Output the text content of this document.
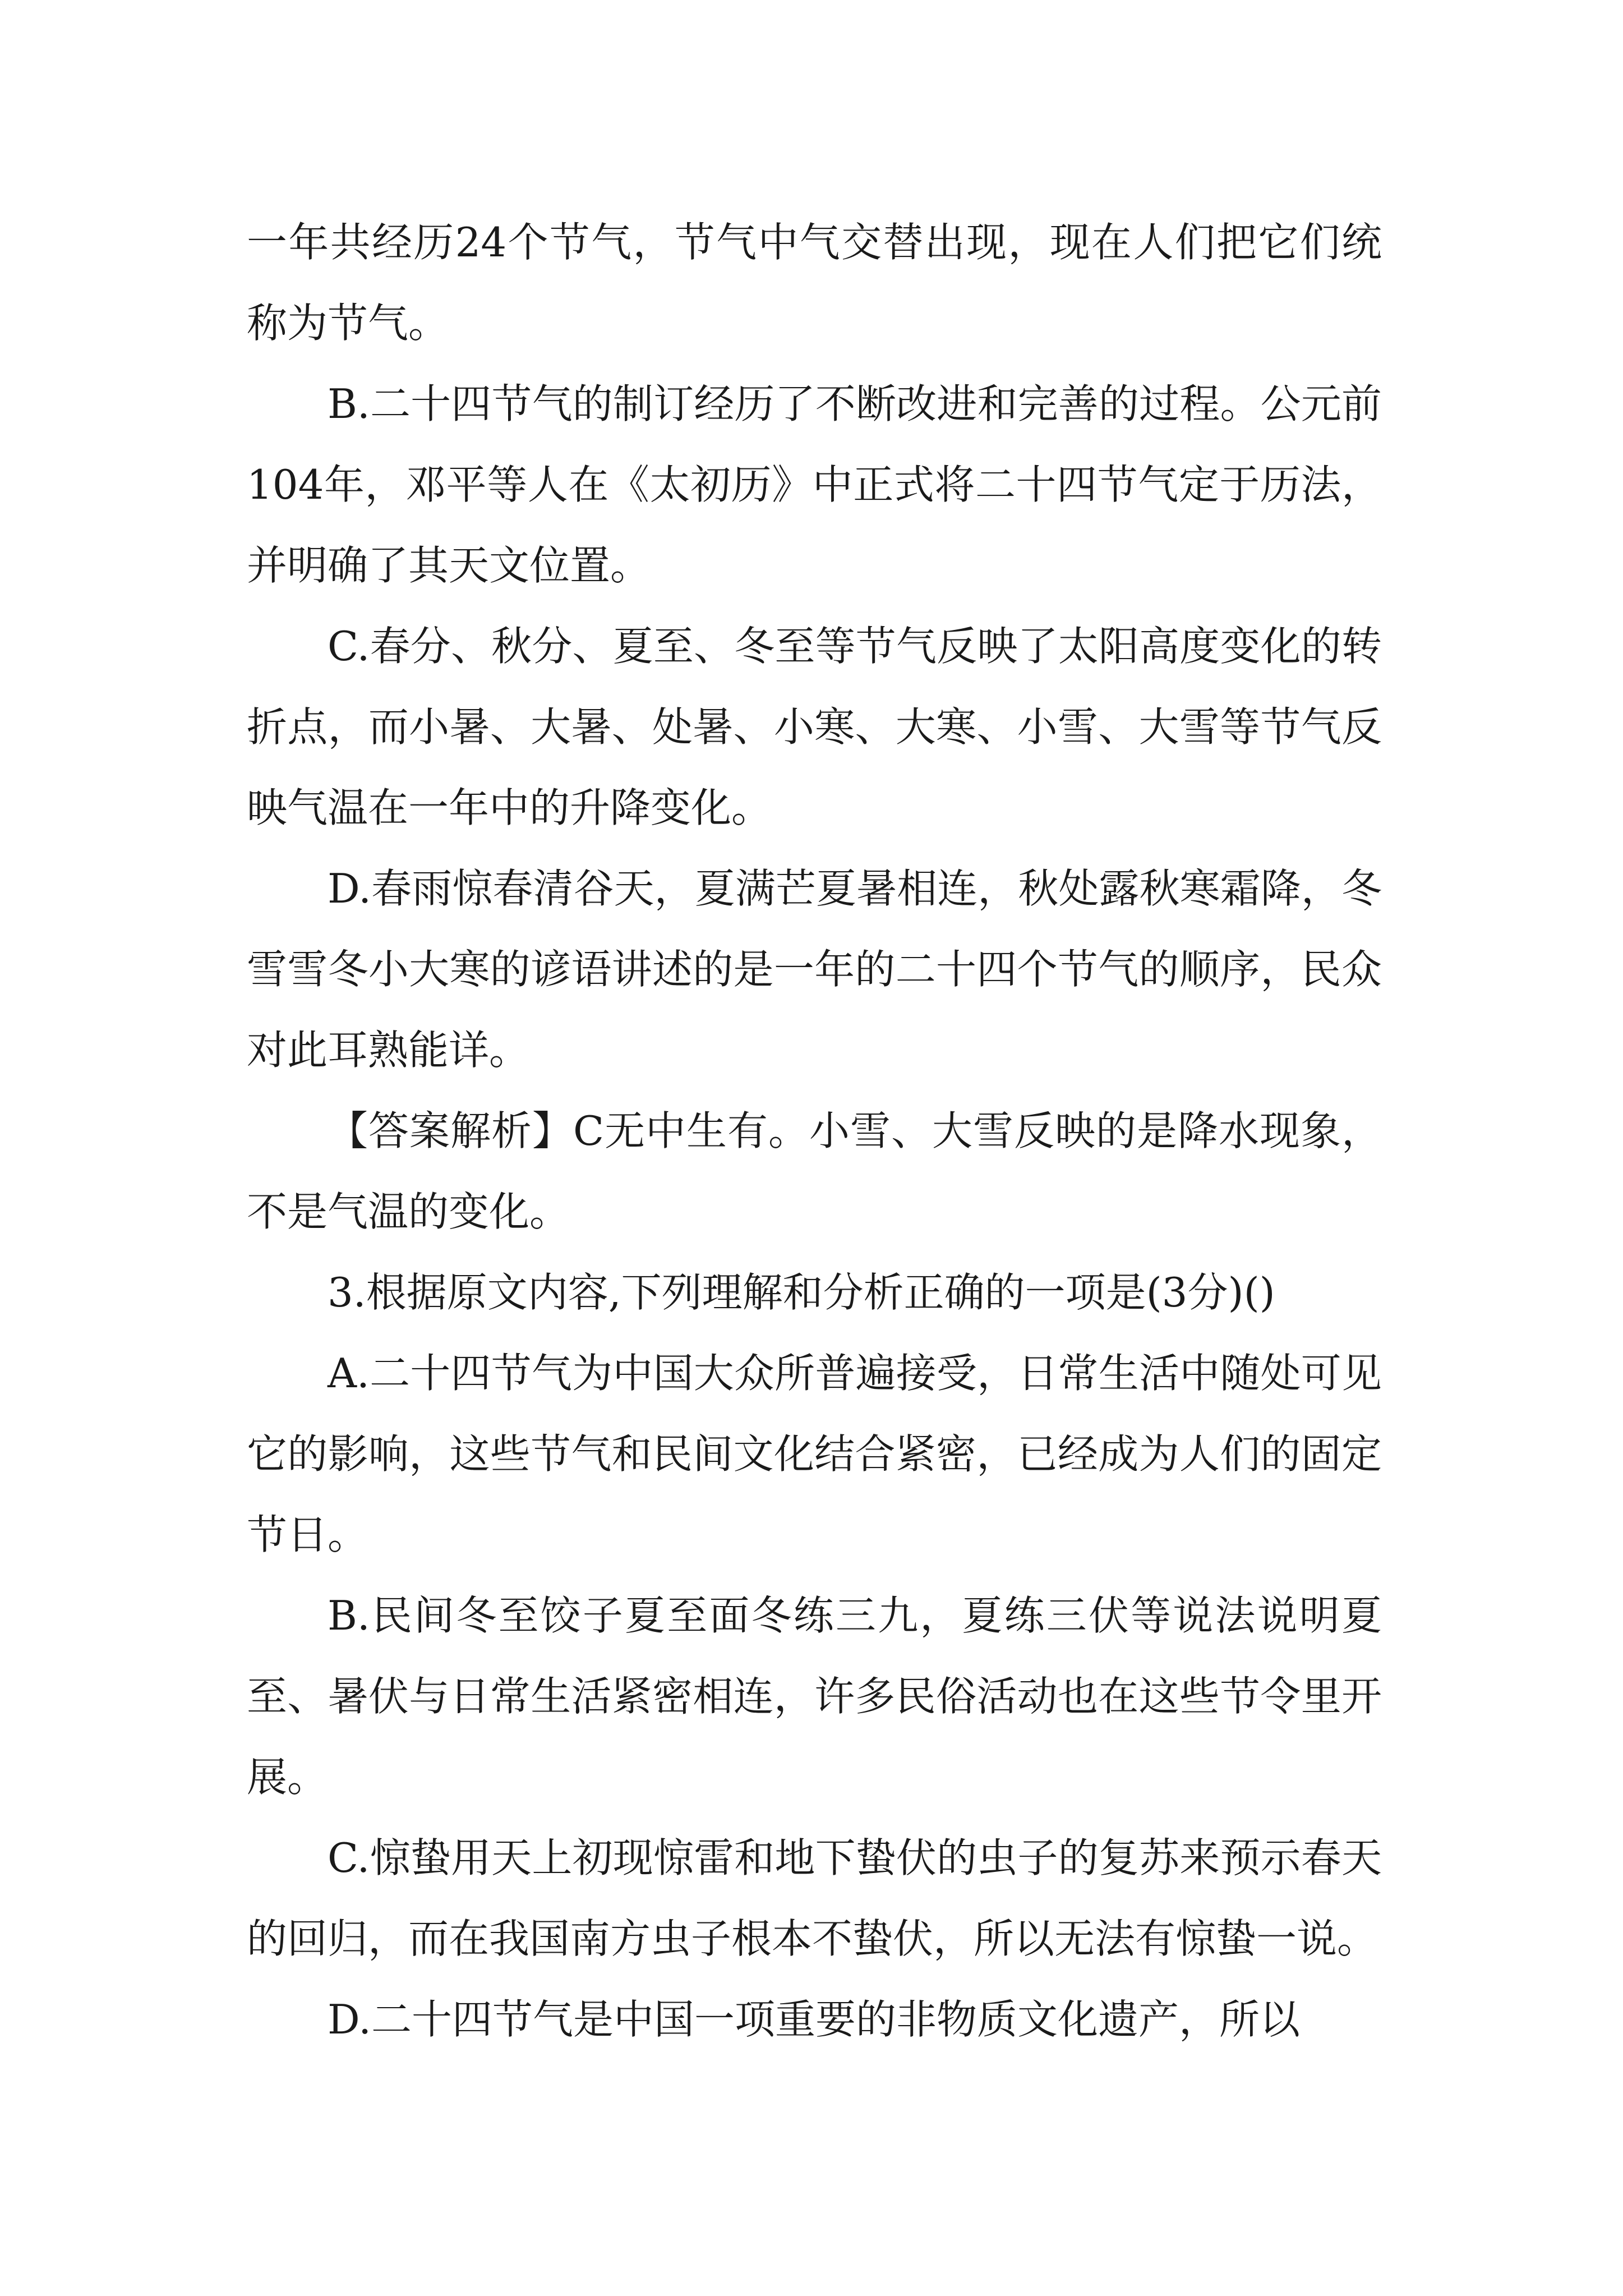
一年共经历24个节气，节气中气交替出现，现在人们把它们统称为节气。

B.二十四节气的制订经历了不断改进和完善的过程。公元前104年，邓平等人在《太初历》中正式将二十四节气定于历法，并明确了其天文位置。

C.春分、秋分、夏至、冬至等节气反映了太阳高度变化的转折点，而小暑、大暑、处暑、小寒、大寒、小雪、大雪等节气反映气温在一年中的升降变化。

D.春雨惊春清谷天，夏满芒夏暑相连，秋处露秋寒霜降，冬雪雪冬小大寒的谚语讲述的是一年的二十四个节气的顺序，民众对此耳熟能详。

【答案解析】C无中生有。小雪、大雪反映的是降水现象，不是气温的变化。

3.根据原文内容,下列理解和分析正确的一项是(3分)()

A.二十四节气为中国大众所普遍接受，日常生活中随处可见它的影响，这些节气和民间文化结合紧密，已经成为人们的固定节日。

B.民间冬至饺子夏至面冬练三九，夏练三伏等说法说明夏至、暑伏与日常生活紧密相连，许多民俗活动也在这些节令里开展。

C.惊蛰用天上初现惊雷和地下蛰伏的虫子的复苏来预示春天的回归，而在我国南方虫子根本不蛰伏，所以无法有惊蛰一说。

D.二十四节气是中国一项重要的非物质文化遗产，所以
